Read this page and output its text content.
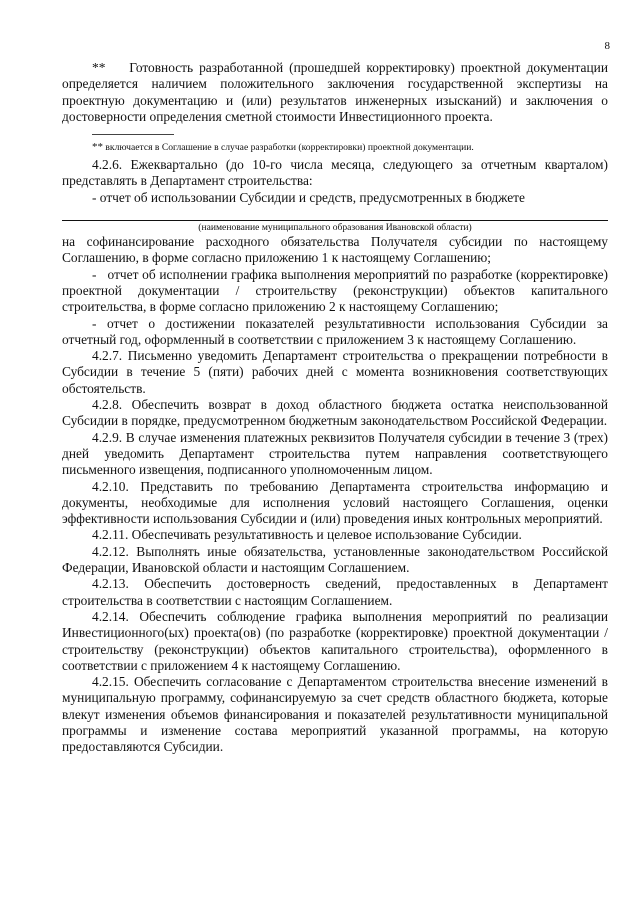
8

**    Готовность разработанной (прошедшей корректировку) проектной документации определяется наличием положительного заключения государственной экспертизы на проектную документацию и (или) результатов инженерных изысканий) и заключения о достоверности определения сметной стоимости Инвестиционного проекта.

** включается в Соглашение в случае разработки (корректировки) проектной документации.

4.2.6. Ежеквартально (до 10-го числа месяца, следующего за отчетным кварталом) представлять в Департамент строительства:

- отчет об использовании Субсидии и средств, предусмотренных в бюджете

(наименование муниципального образования Ивановской области)

на софинансирование расходного обязательства Получателя субсидии по настоящему Соглашению, в форме согласно приложению 1 к настоящему Соглашению;

-   отчет об исполнении графика выполнения мероприятий по разработке (корректировке) проектной документации / строительству (реконструкции) объектов капитального строительства, в форме согласно приложению 2 к настоящему Соглашению;

- отчет о достижении показателей результативности использования Субсидии за отчетный год, оформленный в соответствии с приложением 3 к настоящему Соглашению.

4.2.7. Письменно уведомить Департамент строительства о прекращении потребности в Субсидии в течение 5 (пяти) рабочих дней с момента возникновения соответствующих обстоятельств.

4.2.8. Обеспечить возврат в доход областного бюджета остатка неиспользованной Субсидии в порядке, предусмотренном бюджетным законодательством Российской Федерации.

4.2.9. В случае изменения платежных реквизитов Получателя субсидии в течение 3 (трех) дней уведомить Департамент строительства путем направления соответствующего письменного извещения, подписанного уполномоченным лицом.

4.2.10. Представить по требованию Департамента строительства информацию и документы, необходимые для исполнения условий настоящего Соглашения, оценки эффективности использования Субсидии и (или) проведения иных контрольных мероприятий.

4.2.11. Обеспечивать результативность и целевое использование Субсидии.

4.2.12. Выполнять иные обязательства, установленные законодательством Российской Федерации, Ивановской области и настоящим Соглашением.

4.2.13. Обеспечить достоверность сведений, предоставленных в Департамент строительства в соответствии с настоящим Соглашением.

4.2.14. Обеспечить соблюдение графика выполнения мероприятий по реализации Инвестиционного(ых) проекта(ов) (по разработке (корректировке) проектной документации / строительству (реконструкции) объектов капитального строительства), оформленного в соответствии с приложением 4 к настоящему Соглашению.

4.2.15. Обеспечить согласование с Департаментом строительства внесение изменений в муниципальную программу, софинансируемую за счет средств областного бюджета, которые влекут изменения объемов финансирования и показателей результативности муниципальной программы и изменение состава мероприятий указанной программы, на которую предоставляются Субсидии.
